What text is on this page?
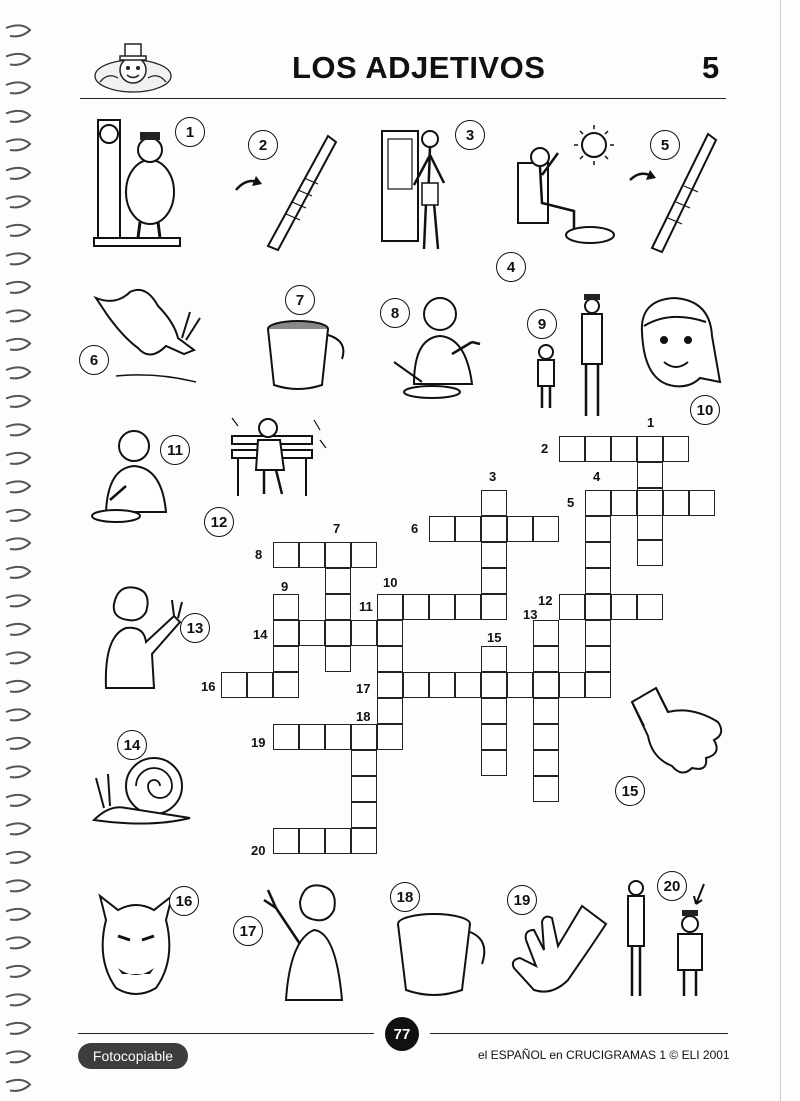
LOS ADJETIVOS	5
1
2
3
4
5
6
7
8
9
10
11
12
13
14
15
16
17
18	19
20
1
2
3	4
5
6
7
8
9	10
11	12
13
14	15
16	17
18
19
20
77
Fotocopiable	el ESPAÑOL en CRUCIGRAMAS 1 © ELI 2001
